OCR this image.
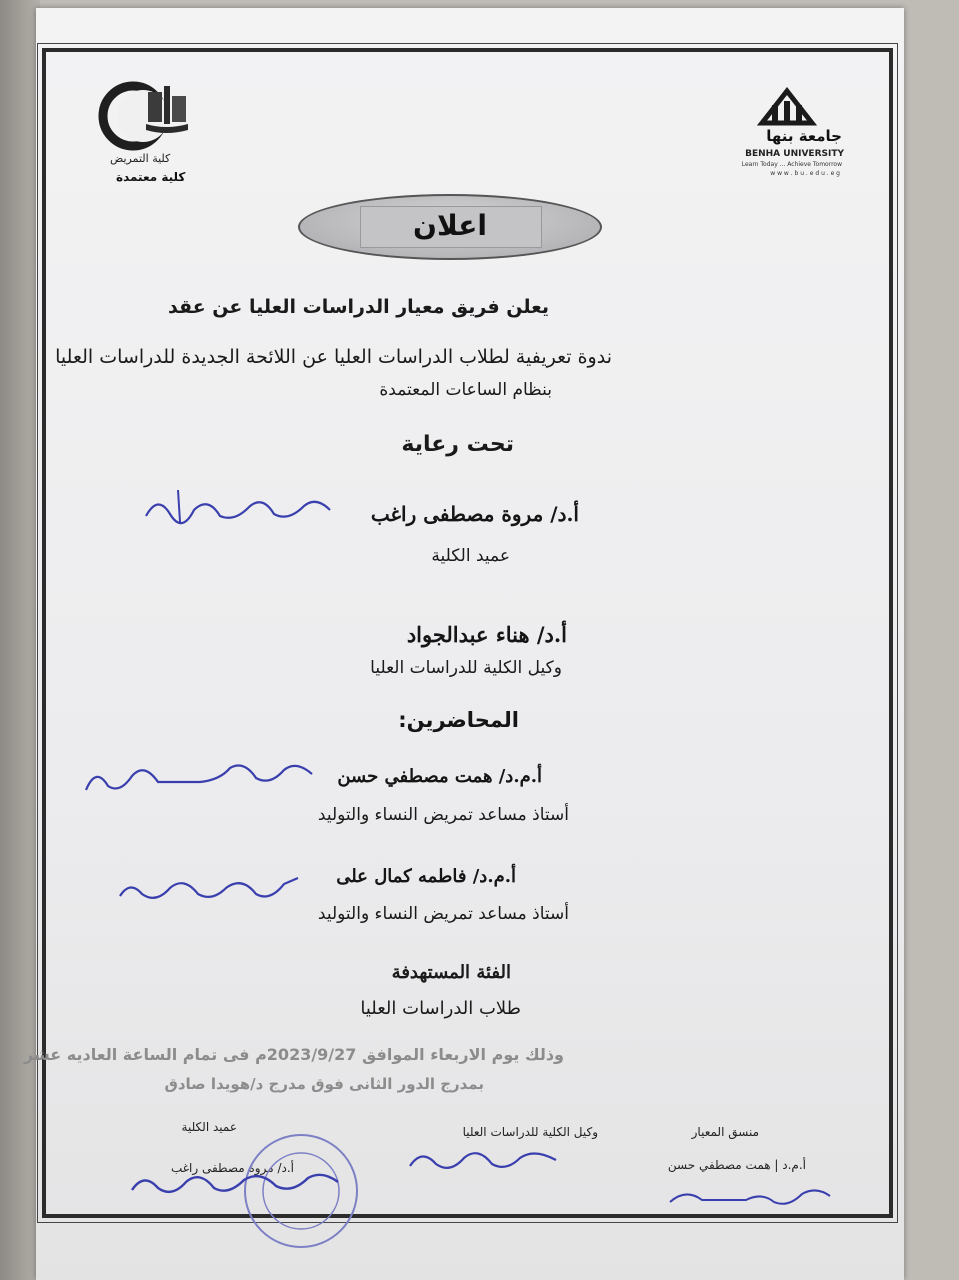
كلية التمريض
كلية معتمدة
جامعة بنها
BENHA UNIVERSITY
Learn Today ... Achieve Tomorrow
w w w . b u . e d u . e g
اعلان
يعلن فريق معيار الدراسات العليا عن عقد
ندوة تعريفية لطلاب الدراسات العليا عن اللائحة الجديدة للدراسات العليا
بنظام الساعات المعتمدة
تحت رعاية
أ.د/ مروة مصطفى راغب
عميد الكلية
أ.د/ هناء عبدالجواد
وكيل الكلية للدراسات العليا
المحاضرين:
أ.م.د/ همت مصطفي حسن
أستاذ مساعد تمريض النساء والتوليد
أ.م.د/ فاطمه كمال على
أستاذ مساعد تمريض النساء والتوليد
الفئة المستهدفة
طلاب الدراسات العليا
وذلك يوم الاربعاء الموافق 2023/9/27م فى تمام الساعة العاديه عشر
بمدرج الدور الثانى فوق مدرج د/هويدا صادق
منسق المعيار
أ.م.د | همت مصطفي حسن
وكيل الكلية للدراسات العليا
عميد الكلية
أ.د/ مروة مصطفى راغب
